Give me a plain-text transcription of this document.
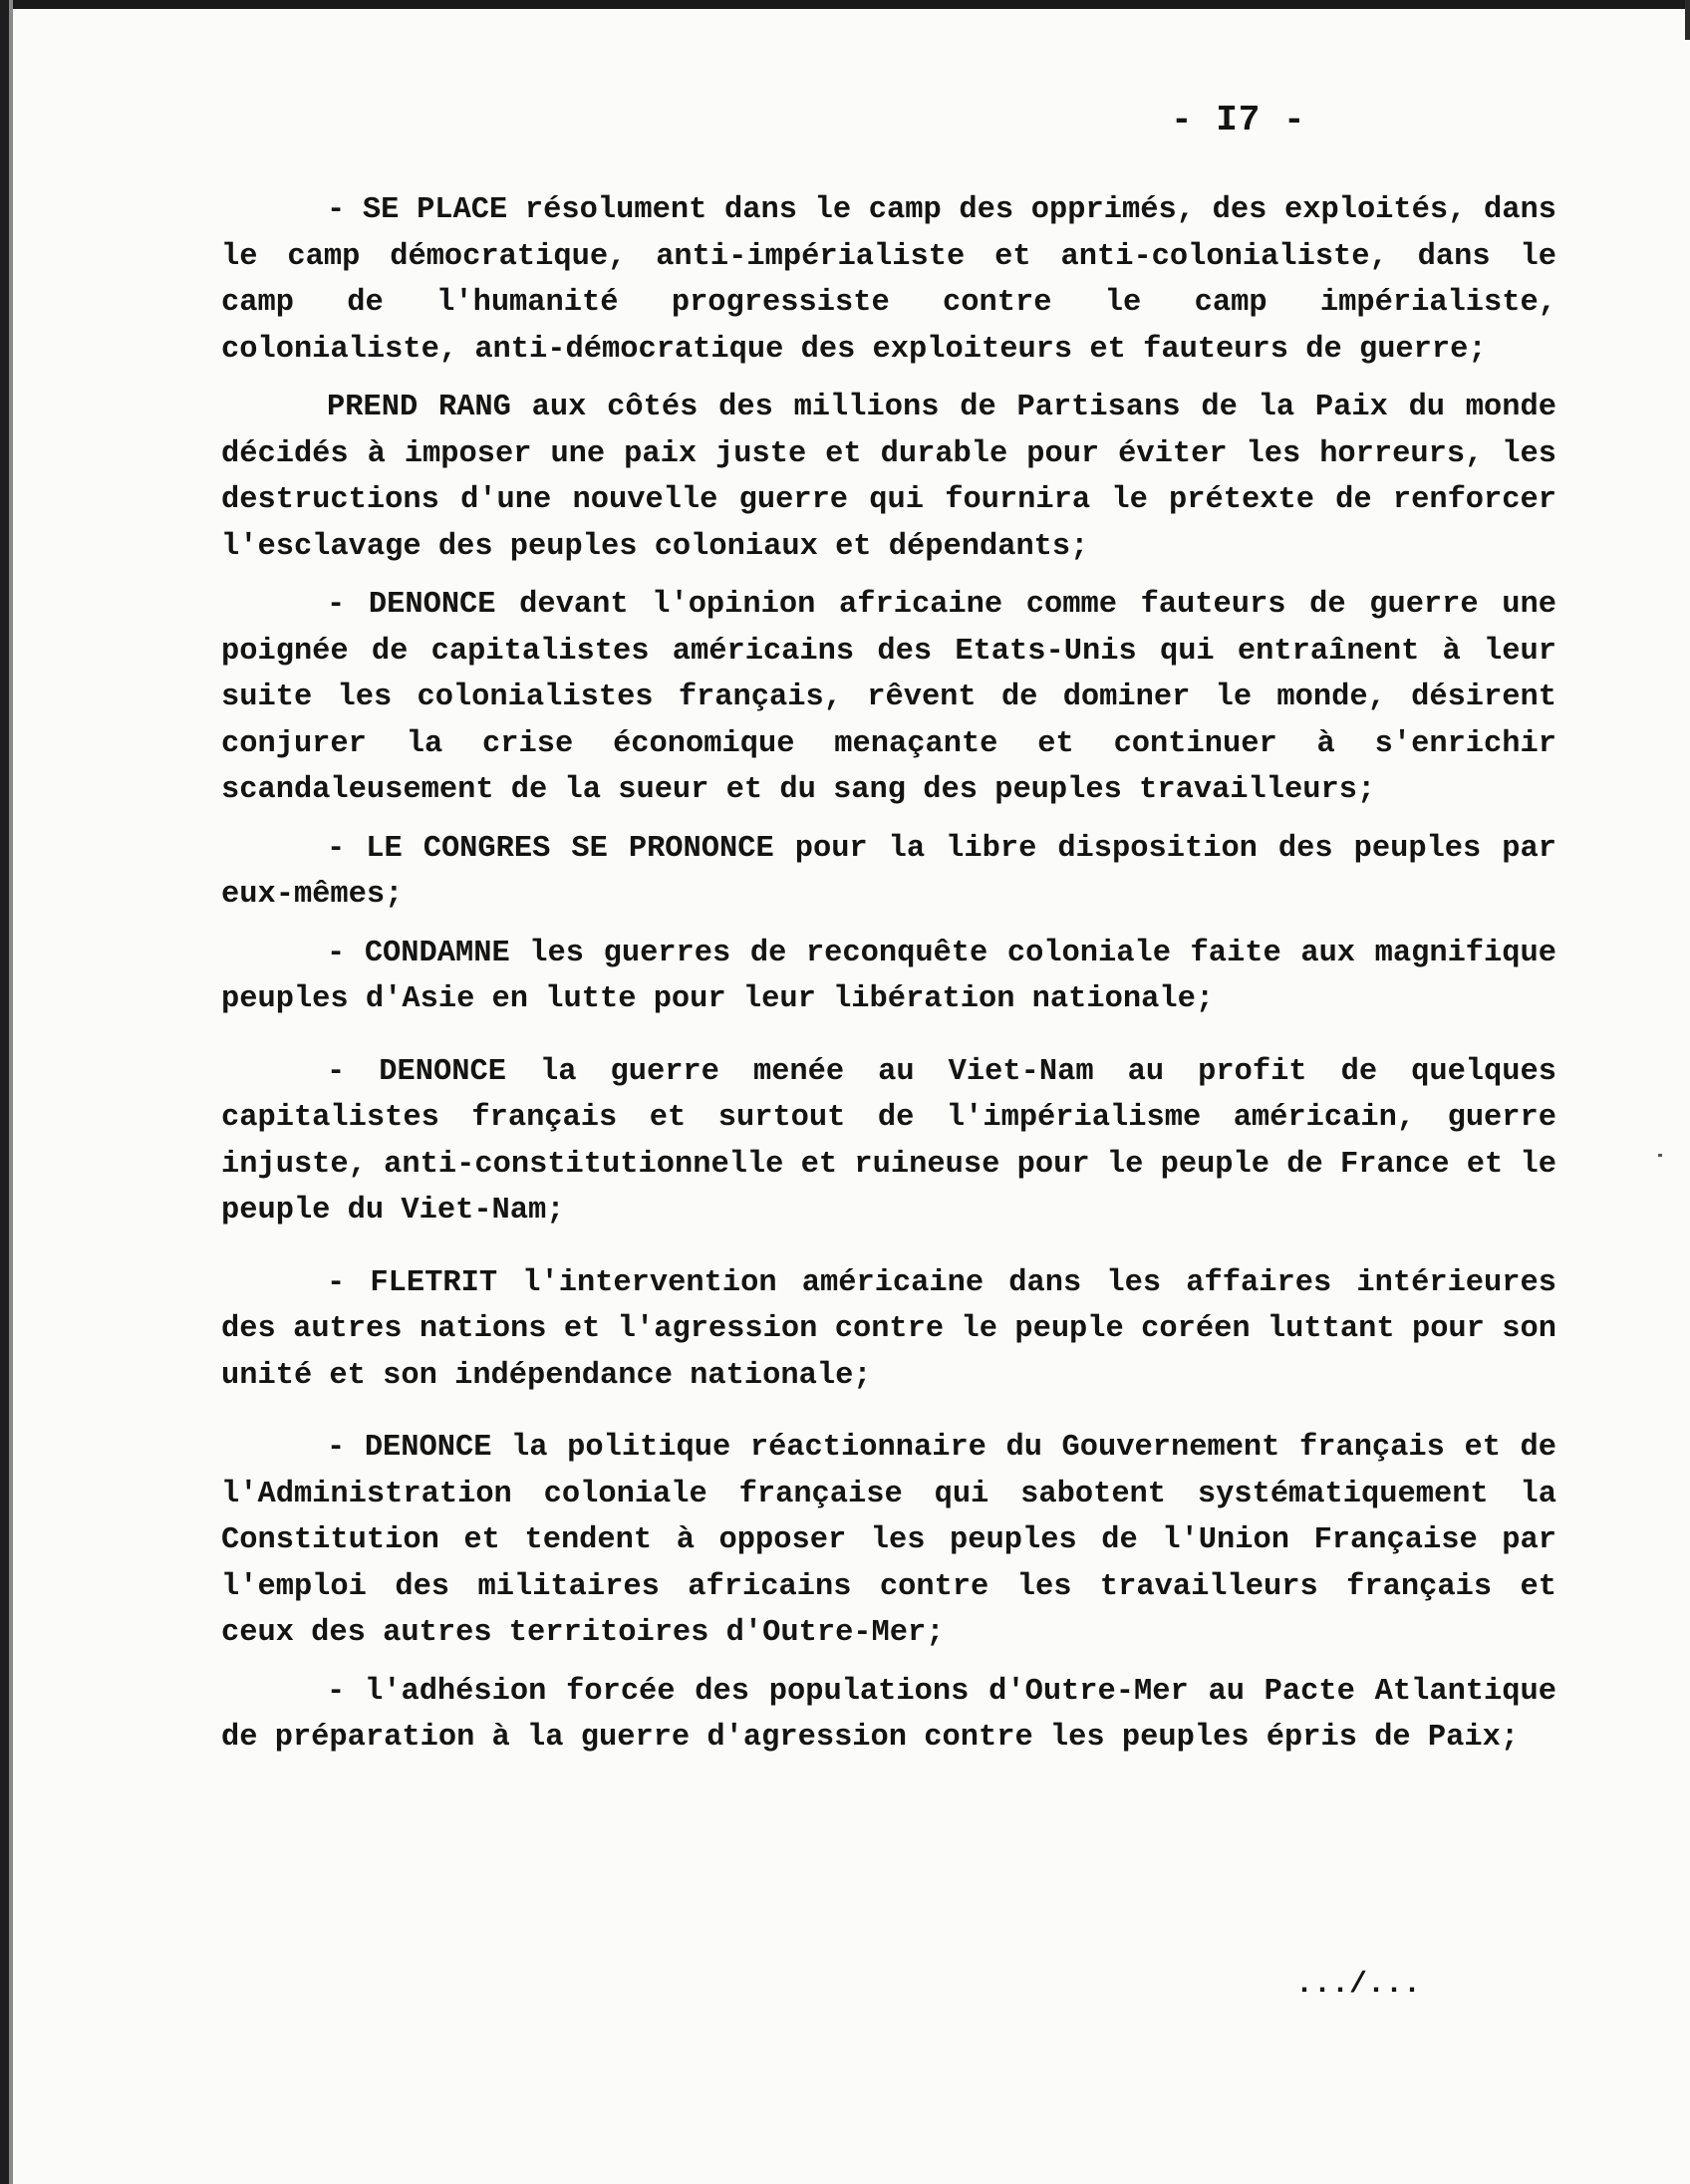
- I7 -

- SE PLACE résolument dans le camp des opprimés, des exploités, dans le camp démocratique, anti-impérialiste et anti-colonialiste, dans le camp de l'humanité progressiste contre le camp impérialiste, colonialiste, anti-démocratique des exploiteurs et fauteurs de guerre;

PREND RANG aux côtés des millions de Partisans de la Paix du monde décidés à imposer une paix juste et durable pour éviter les horreurs, les destructions d'une nouvelle guerre qui fournira le prétexte de renforcer l'esclavage des peuples coloniaux et dépendants;

- DENONCE devant l'opinion africaine comme fauteurs de guerre une poignée de capitalistes américains des Etats-Unis qui entraînent à leur suite les colonialistes français, rêvent de dominer le monde, désirent conjurer la crise économique menaçante et continuer à s'enrichir scandaleusement de la sueur et du sang des peuples travailleurs;

- LE CONGRES SE PRONONCE pour la libre disposition des peuples par eux-mêmes;

- CONDAMNE les guerres de reconquête coloniale faite aux magnifique peuples d'Asie en lutte pour leur libération nationale;

- DENONCE la guerre menée au Viet-Nam au profit de quelques capitalistes français et surtout de l'impérialisme américain, guerre injuste, anti-constitutionnelle et ruineuse pour le peuple de France et le peuple du Viet-Nam;

- FLETRIT l'intervention américaine dans les affaires intérieures des autres nations et l'agression contre le peuple coréen luttant pour son unité et son indépendance nationale;

- DENONCE la politique réactionnaire du Gouvernement français et de l'Administration coloniale française qui sabotent systématiquement la Constitution et tendent à opposer les peuples de l'Union Française par l'emploi des militaires africains contre les travailleurs français et ceux des autres territoires d'Outre-Mer;

- l'adhésion forcée des populations d'Outre-Mer au Pacte Atlantique de préparation à la guerre d'agression contre les peuples épris de Paix;

.../...
